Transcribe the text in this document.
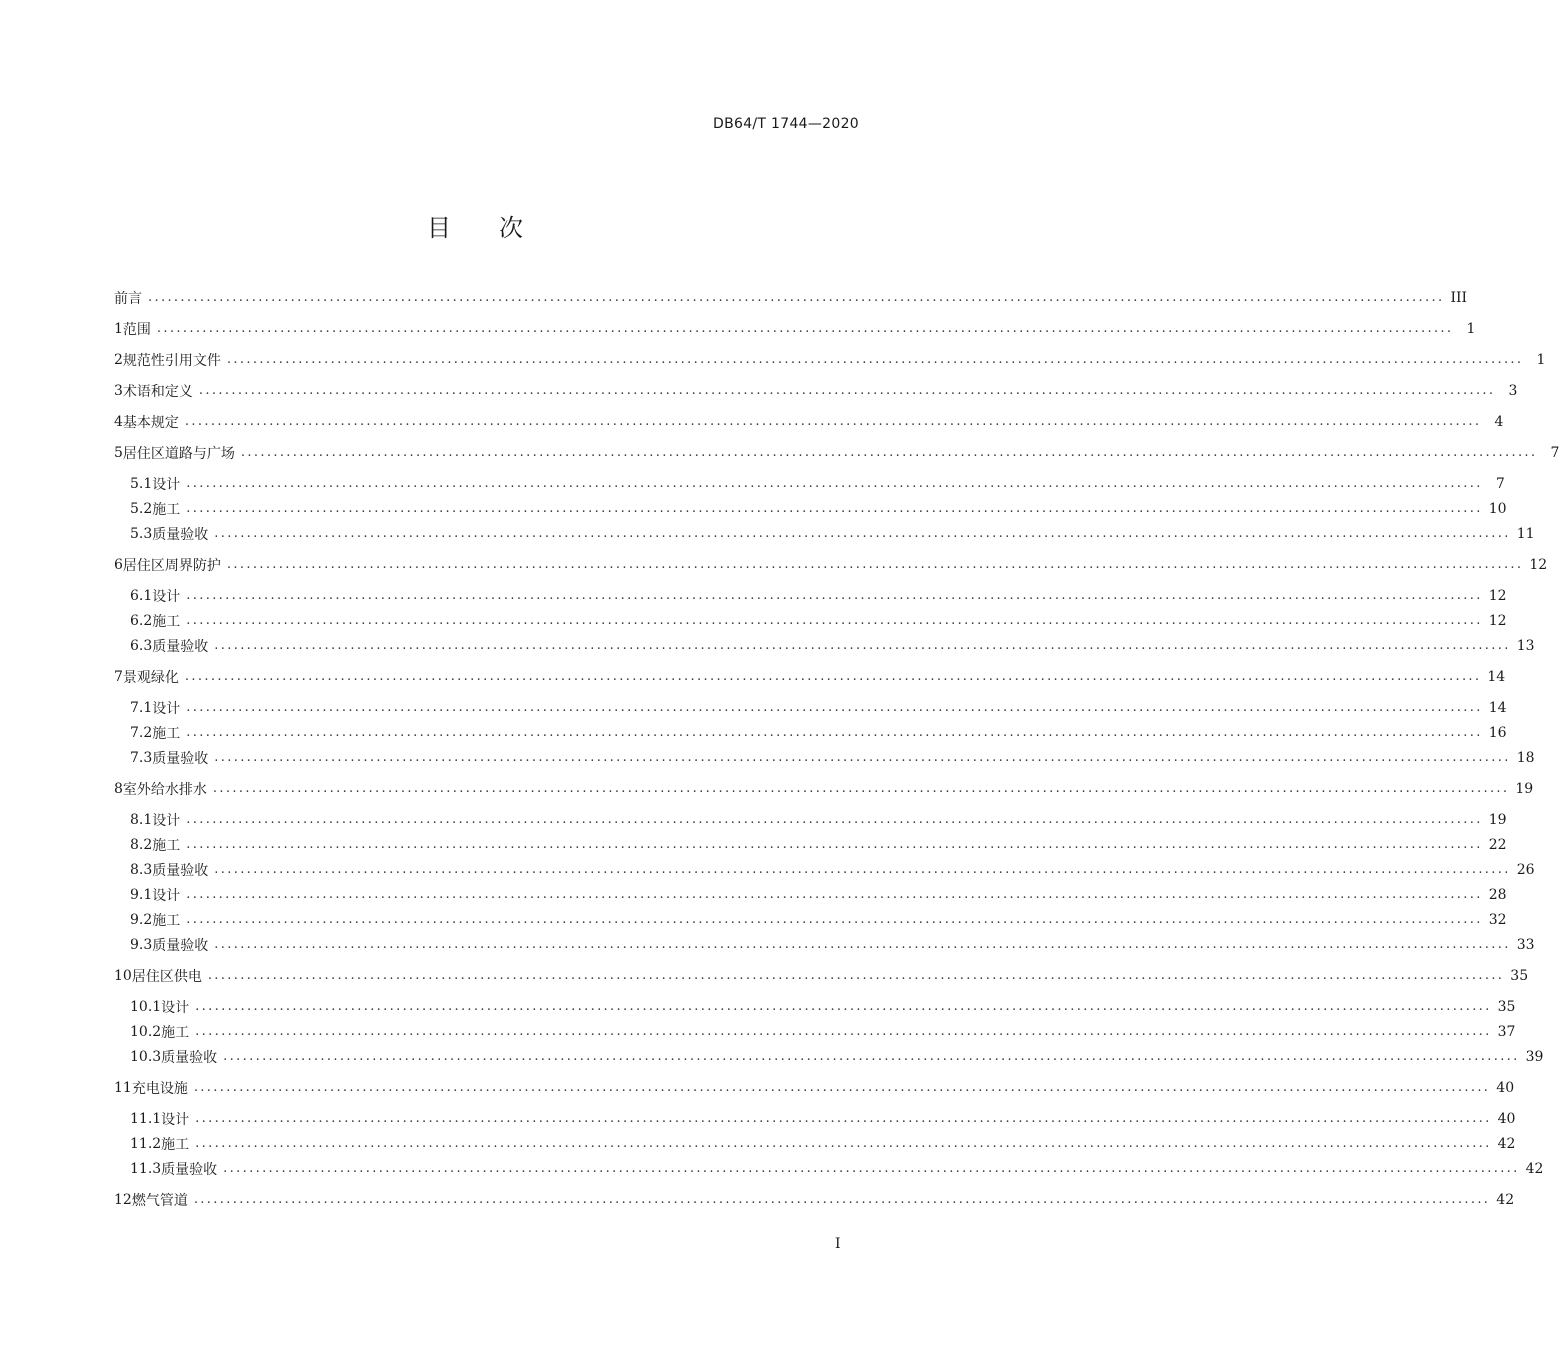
DB64/T 1744—2020
目 次
前言 ........................................................................................................................................................................................................ III
1 范围 ........................................................................................................................................................................................................ 1
2 规范性引用文件 ........................................................................................................................................................................................................ 1
3 术语和定义 ........................................................................................................................................................................................................ 3
4 基本规定 ........................................................................................................................................................................................................ 4
5 居住区道路与广场 ........................................................................................................................................................................................................ 7
5.1 设计 ........................................................................................................................................................................................................ 7
5.2 施工 ........................................................................................................................................................................................................ 10
5.3 质量验收 ........................................................................................................................................................................................................ 11
6 居住区周界防护 ........................................................................................................................................................................................................ 12
6.1 设计 ........................................................................................................................................................................................................ 12
6.2 施工 ........................................................................................................................................................................................................ 12
6.3 质量验收 ........................................................................................................................................................................................................ 13
7 景观绿化 ........................................................................................................................................................................................................ 14
7.1 设计 ........................................................................................................................................................................................................ 14
7.2 施工 ........................................................................................................................................................................................................ 16
7.3 质量验收 ........................................................................................................................................................................................................ 18
8 室外给水排水 ........................................................................................................................................................................................................ 19
8.1 设计 ........................................................................................................................................................................................................ 19
8.2 施工 ........................................................................................................................................................................................................ 22
8.3 质量验收 ........................................................................................................................................................................................................ 26
9.1 设计 ........................................................................................................................................................................................................ 28
9.2 施工 ........................................................................................................................................................................................................ 32
9.3 质量验收 ........................................................................................................................................................................................................ 33
10 居住区供电 ........................................................................................................................................................................................................ 35
10.1 设计 ........................................................................................................................................................................................................ 35
10.2 施工 ........................................................................................................................................................................................................ 37
10.3 质量验收 ........................................................................................................................................................................................................ 39
11 充电设施 ........................................................................................................................................................................................................ 40
11.1 设计 ........................................................................................................................................................................................................ 40
11.2 施工 ........................................................................................................................................................................................................ 42
11.3 质量验收 ........................................................................................................................................................................................................ 42
12 燃气管道 ........................................................................................................................................................................................................ 42
I
